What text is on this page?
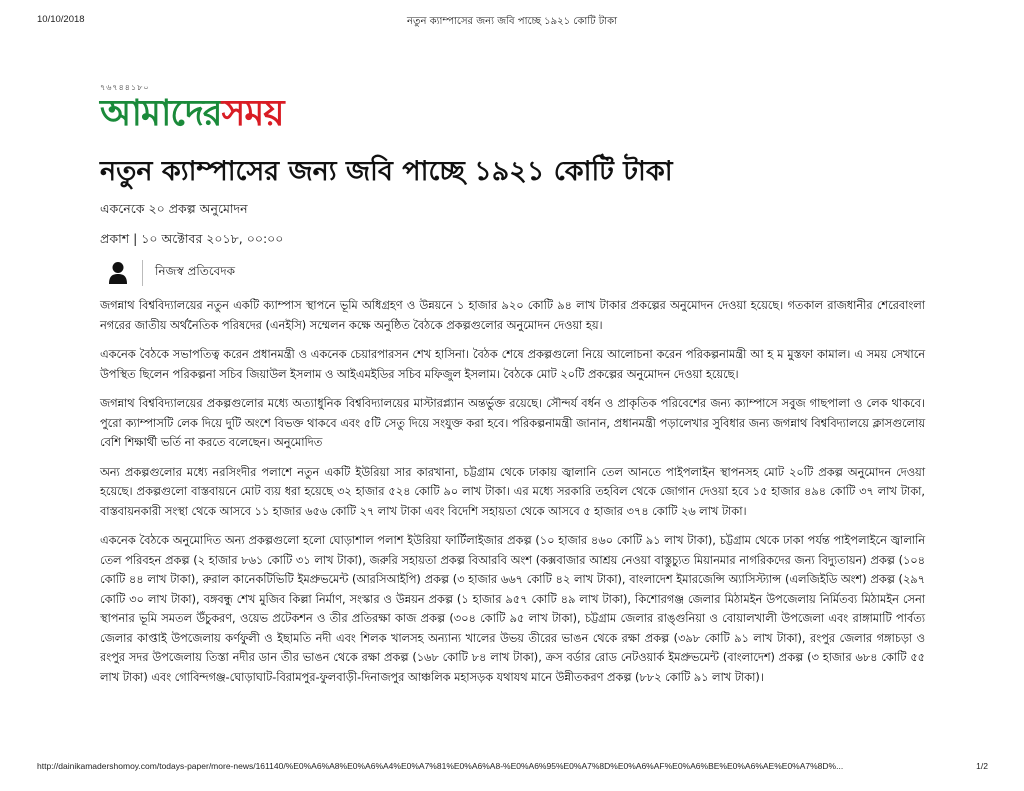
10/10/2018	নতুন ক্যাম্পাসের জন্য জবি পাচ্ছে ১৯২১ কোটি টাকা
৭৬৭৪৪১৮০
আমাদেরসময়
নতুন ক্যাম্পাসের জন্য জবি পাচ্ছে ১৯২১ কোটি টাকা
একনেকে ২০ প্রকল্প অনুমোদন
প্রকাশ | ১০ অক্টোবর ২০১৮, ০০:০০
নিজস্ব প্রতিবেদক

জগন্নাথ বিশ্ববিদ্যালয়ের নতুন একটি ক্যাম্পাস স্থাপনে ভূমি অধিগ্রহণ ও উন্নয়নে ১ হাজার ৯২০ কোটি ৯৪ লাখ টাকার প্রকল্পের অনুমোদন দেওয়া হয়েছে। গতকাল রাজধানীর শেরেবাংলা নগরের জাতীয় অর্থনৈতিক পরিষদের (এনইসি) সম্মেলন কক্ষে অনুষ্ঠিত বৈঠকে প্রকল্পগুলোর অনুমোদন দেওয়া হয়।

একনেক বৈঠকে সভাপতিত্ব করেন প্রধানমন্ত্রী ও একনেক চেয়ারপারসন শেখ হাসিনা। বৈঠক শেষে প্রকল্পগুলো নিয়ে আলোচনা করেন পরিকল্পনামন্ত্রী আ হ ম মুস্তফা কামাল। এ সময় সেখানে উপস্থিত ছিলেন পরিকল্পনা সচিব জিয়াউল ইসলাম ও আইএমইডির সচিব মফিজুল ইসলাম। বৈঠকে মোট ২০টি প্রকল্পের অনুমোদন দেওয়া হয়েছে।

জগন্নাথ বিশ্ববিদ্যালয়ের প্রকল্পগুলোর মধ্যে অত্যাধুনিক বিশ্ববিদ্যালয়ের মাস্টারপ্ল্যান অন্তর্ভুক্ত রয়েছে। সৌন্দর্য বর্ধন ও প্রাকৃতিক পরিবেশের জন্য ক্যাম্পাসে সবুজ গাছপালা ও লেক থাকবে। পুরো ক্যাম্পাসটি লেক দিয়ে দুটি অংশে বিভক্ত থাকবে এবং ৫টি সেতু দিয়ে সংযুক্ত করা হবে। পরিকল্পনামন্ত্রী জানান, প্রধানমন্ত্রী পড়ালেখার সুবিধার জন্য জগন্নাথ বিশ্ববিদ্যালয়ে ক্লাসগুলোয় বেশি শিক্ষার্থী ভর্তি না করতে বলেছেন। অনুমোদিত

অন্য প্রকল্পগুলোর মধ্যে নরসিংদীর পলাশে নতুন একটি ইউরিয়া সার কারখানা, চট্টগ্রাম থেকে ঢাকায় জ্বালানি তেল আনতে পাইপলাইন স্থাপনসহ মোট ২০টি প্রকল্প অনুমোদন দেওয়া হয়েছে। প্রকল্পগুলো বাস্তবায়নে মোট ব্যয় ধরা হয়েছে ৩২ হাজার ৫২৪ কোটি ৯০ লাখ টাকা। এর মধ্যে সরকারি তহবিল থেকে জোগান দেওয়া হবে ১৫ হাজার ৪৯৪ কোটি ৩৭ লাখ টাকা, বাস্তবায়নকারী সংস্থা থেকে আসবে ১১ হাজার ৬৫৬ কোটি ২৭ লাখ টাকা এবং বিদেশি সহায়তা থেকে আসবে ৫ হাজার ৩৭৪ কোটি ২৬ লাখ টাকা।

একনেক বৈঠকে অনুমোদিত অন্য প্রকল্পগুলো হলো ঘোড়াশাল পলাশ ইউরিয়া ফার্টিলাইজার প্রকল্প (১০ হাজার ৪৬০ কোটি ৯১ লাখ টাকা), চট্টগ্রাম থেকে ঢাকা পর্যন্ত পাইপলাইনে জ্বালানি তেল পরিবহন প্রকল্প (২ হাজার ৮৬১ কোটি ৩১ লাখ টাকা), জরুরি সহায়তা প্রকল্প বিআরবি অংশ (কক্সবাজার আশ্রয় নেওয়া বাস্তুচ্যুত মিয়ানমার নাগরিকদের জন্য বিদ্যুতায়ন) প্রকল্প (১০৪ কোটি ৪৪ লাখ টাকা), রুরাল কানেকটিভিটি ইমপ্রুভমেন্ট (আরসিআইপি) প্রকল্প (৩ হাজার ৬৬৭ কোটি ৪২ লাখ টাকা), বাংলাদেশ ইমারজেন্সি অ্যাসিস্ট্যান্স (এলজিইডি অংশ) প্রকল্প (২৯৭ কোটি ৩০ লাখ টাকা), বঙ্গবন্ধু শেখ মুজিব কিল্লা নির্মাণ, সংস্কার ও উন্নয়ন প্রকল্প (১ হাজার ৯৫৭ কোটি ৪৯ লাখ টাকা), কিশোরগঞ্জ জেলার মিঠামইন উপজেলায় নির্মিতব্য মিঠামইন সেনা স্থাপনার ভূমি সমতল উঁচুকরণ, ওয়েভ প্রটেকশন ও তীর প্রতিরক্ষা কাজ প্রকল্প (৩০৪ কোটি ৯৫ লাখ টাকা), চট্টগ্রাম জেলার রাঙ্গুনিয়া ও বোয়ালখালী উপজেলা এবং রাঙ্গামাটি পার্বত্য জেলার কাপ্তাই উপজেলায় কর্ণফুলী ও ইছামতি নদী এবং শিলক খালসহ অন্যান্য খালের উভয় তীরের ভাঙন থেকে রক্ষা প্রকল্প (৩৯৮ কোটি ৯১ লাখ টাকা), রংপুর জেলার গঙ্গাচড়া ও রংপুর সদর উপজেলায় তিস্তা নদীর ডান তীর ভাঙন থেকে রক্ষা প্রকল্প (১৬৮ কোটি ৮৪ লাখ টাকা), ক্রস বর্ডার রোড নেটওয়ার্ক ইমপ্রুভমেন্ট (বাংলাদেশ) প্রকল্প (৩ হাজার ৬৮৪ কোটি ৫৫ লাখ টাকা) এবং গোবিন্দগঞ্জ-ঘোড়াঘাট-বিরামপুর-ফুলবাড়ী-দিনাজপুর আঞ্চলিক মহাসড়ক যথাযথ মানে উন্নীতকরণ প্রকল্প (৮৮২ কোটি ৯১ লাখ টাকা)।

http://dainikamadershomoy.com/todays-paper/more-news/161140/%E0%A6%A8%E0%A6%A4%E0%A7%81%E0%A6%A8-%E0%A6%95%E0%A7%8D%E0%A6%AF%E0%A6%BE%E0%A6%AE%E0%A7%8D%...	1/2
